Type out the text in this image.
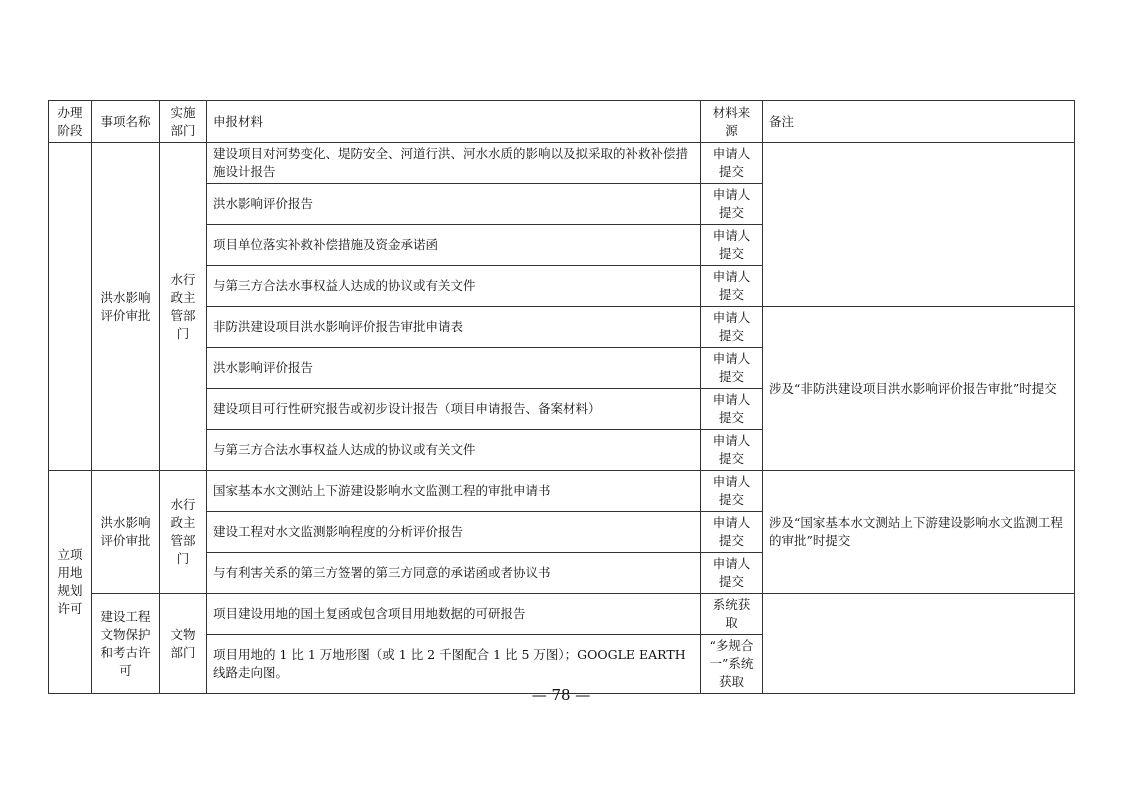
办理阶段	事项名称	实施部门	申报材料	材料来源	备注
	洪水影响评价审批	水行政主管部门	建设项目对河势变化、堤防安全、河道行洪、河水水质的影响以及拟采取的补救补偿措施设计报告	申请人提交	
			洪水影响评价报告	申请人提交	
			项目单位落实补救补偿措施及资金承诺函	申请人提交	
			与第三方合法水事权益人达成的协议或有关文件	申请人提交	
			非防洪建设项目洪水影响评价报告审批申请表	申请人提交	涉及“非防洪建设项目洪水影响评价报告审批”时提交
			洪水影响评价报告	申请人提交	
			建设项目可行性研究报告或初步设计报告（项目申请报告、备案材料）	申请人提交	
			与第三方合法水事权益人达成的协议或有关文件	申请人提交	
立项用地规划许可	洪水影响评价审批	水行政主管部门	国家基本水文测站上下游建设影响水文监测工程的审批申请书	申请人提交	涉及“国家基本水文测站上下游建设影响水文监测工程的审批”时提交
			建设工程对水文监测影响程度的分析评价报告	申请人提交	
			与有利害关系的第三方签署的第三方同意的承诺函或者协议书	申请人提交	
	建设工程文物保护和考古许可	文物部门	项目建设用地的国土复函或包含项目用地数据的可研报告	系统获取	
			项目用地的 1 比 1 万地形图（或 1 比 2 千图配合 1 比 5 万图）；GOOGLE EARTH 线路走向图。	“多规合一”系统获取	
— 78 —
